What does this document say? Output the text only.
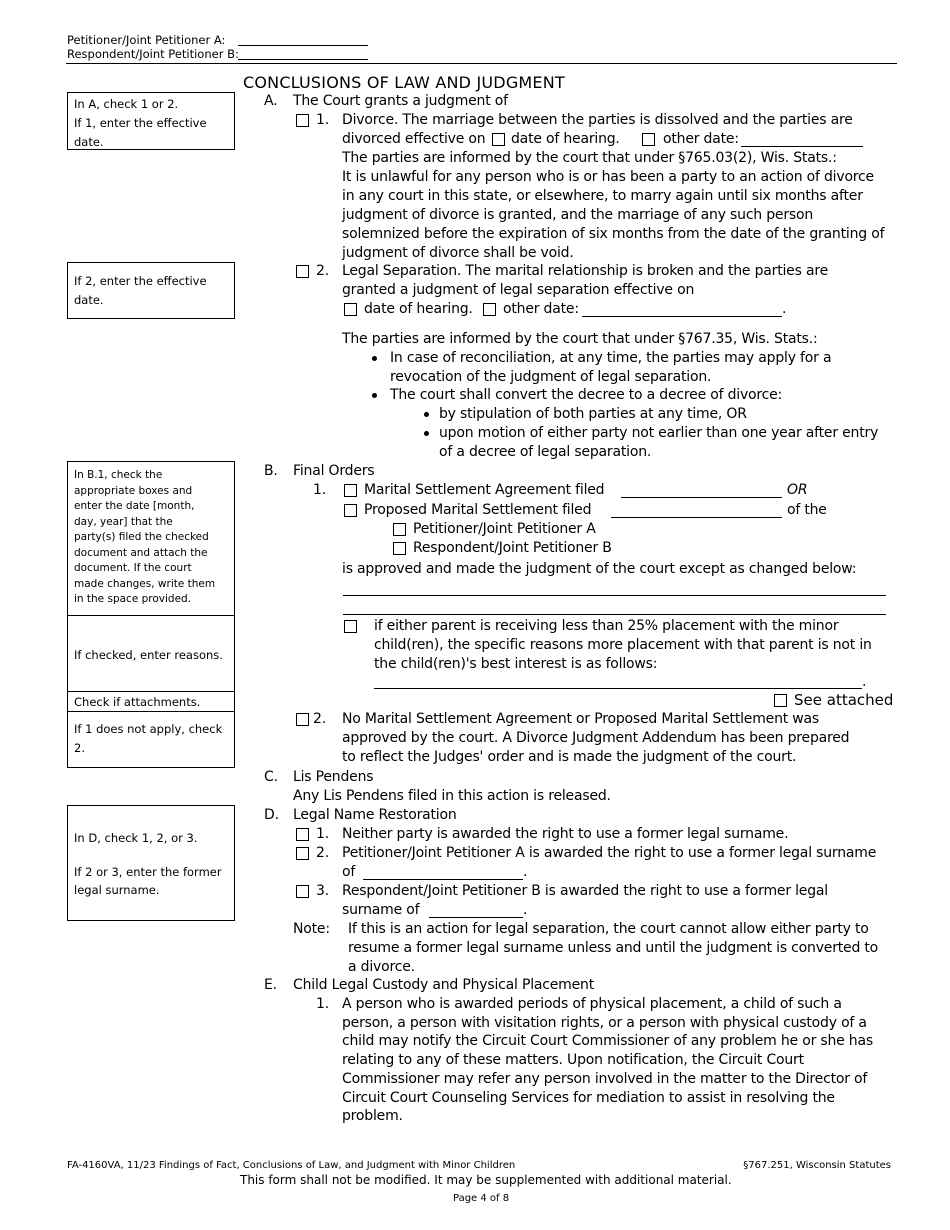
Petitioner/Joint Petitioner A:
Respondent/Joint Petitioner B:
CONCLUSIONS OF LAW AND JUDGMENT
In A, check 1 or 2.
If 1, enter the effective
date.
If 2, enter the effective
date.
In B.1, check the
appropriate boxes and
enter the date [month,
day, year] that the
party(s) filed the checked
document and attach the
document. If the court
made changes, write them
in the space provided.
If checked, enter reasons.
Check if attachments.
If 1 does not apply, check
2.
In D, check 1, 2, or 3.
If 2 or 3, enter the former
legal surname.
A. The Court grants a judgment of
1. Divorce. The marriage between the parties is dissolved and the parties are
divorced effective on date of hearing.	other date:
The parties are informed by the court that under §765.03(2), Wis. Stats.:
It is unlawful for any person who is or has been a party to an action of divorce
in any court in this state, or elsewhere, to marry again until six months after
judgment of divorce is granted, and the marriage of any such person
solemnized before the expiration of six months from the date of the granting of
judgment of divorce shall be void.
2. Legal Separation. The marital relationship is broken and the parties are
granted a judgment of legal separation effective on
date of hearing. other date:	.
The parties are informed by the court that under §767.35, Wis. Stats.:
In case of reconciliation, at any time, the parties may apply for a
revocation of the judgment of legal separation.
The court shall convert the decree to a decree of divorce:
by stipulation of both parties at any time, OR
upon motion of either party not earlier than one year after entry
of a decree of legal separation.
B. Final Orders
1.	Marital Settlement Agreement filed	OR
Proposed Marital Settlement filed	of the
Petitioner/Joint Petitioner A
Respondent/Joint Petitioner B
is approved and made the judgment of the court except as changed below:
if either parent is receiving less than 25% placement with the minor
child(ren), the specific reasons more placement with that parent is not in
the child(ren)'s best interest is as follows:
.
See attached
2. No Marital Settlement Agreement or Proposed Marital Settlement was
approved by the court. A Divorce Judgment Addendum has been prepared
to reflect the Judges' order and is made the judgment of the court.
C. Lis Pendens
Any Lis Pendens filed in this action is released.
D. Legal Name Restoration
1. Neither party is awarded the right to use a former legal surname.
2. Petitioner/Joint Petitioner A is awarded the right to use a former legal surname
of	.
3. Respondent/Joint Petitioner B is awarded the right to use a former legal
surname of	.
Note: If this is an action for legal separation, the court cannot allow either party to
resume a former legal surname unless and until the judgment is converted to
a divorce.
E. Child Legal Custody and Physical Placement
1. A person who is awarded periods of physical placement, a child of such a
person, a person with visitation rights, or a person with physical custody of a
child may notify the Circuit Court Commissioner of any problem he or she has
relating to any of these matters. Upon notification, the Circuit Court
Commissioner may refer any person involved in the matter to the Director of
Circuit Court Counseling Services for mediation to assist in resolving the
problem.
FA-4160VA, 11/23 Findings of Fact, Conclusions of Law, and Judgment with Minor Children	§767.251, Wisconsin Statutes
This form shall not be modified. It may be supplemented with additional material.
Page 4 of 8
